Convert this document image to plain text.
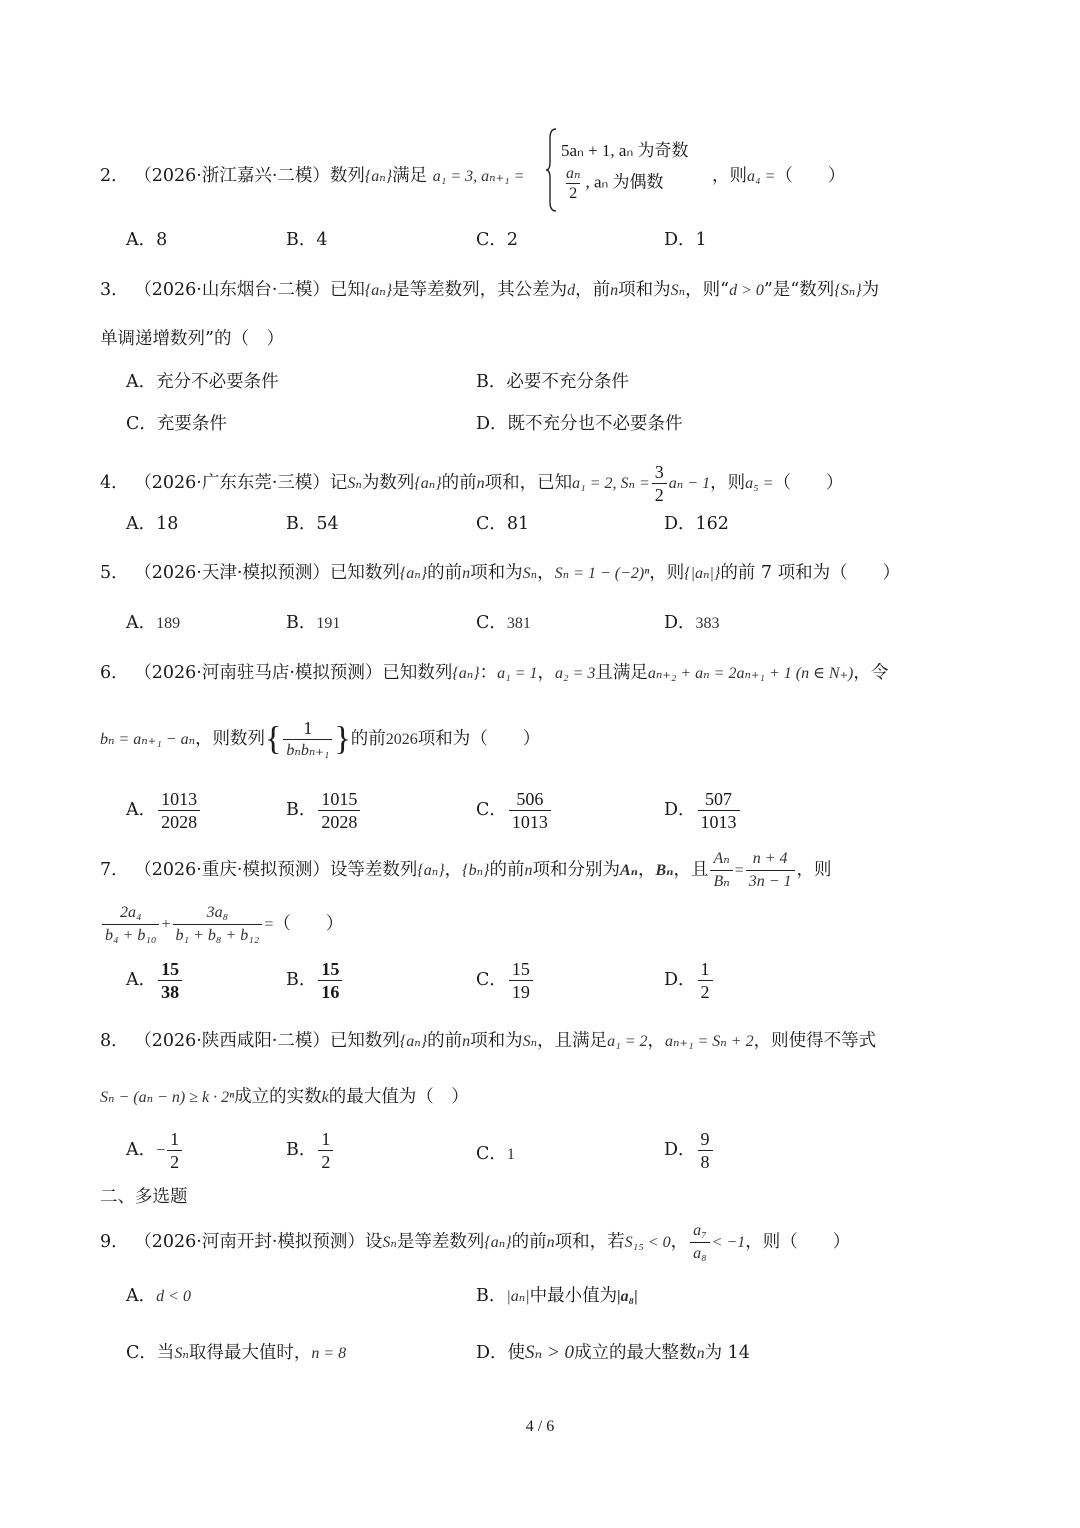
2． （2026·浙江嘉兴·二模）数列{aₙ}满足 a₁ = 3, aₙ₊₁ =
5aₙ + 1, aₙ 为奇数
$\frac{\text{aₙ}}{2}$ , aₙ 为偶数	，则a₄ =（　　）
A．8	B．4	C．2	D．1
3． （2026·山东烟台·二模）已知{aₙ}是等差数列，其公差为d，前n项和为Sₙ，则“d > 0”是“数列{Sₙ}为
单调递增数列”的（　）
A．充分不必要条件	B．必要不充分条件
C．充要条件	D．既不充分也不必要条件
4． （2026·广东东莞·三模）记Sₙ为数列{aₙ}的前n项和，已知a₁ = 2, $S_n = \frac{3}{2}$ aₙ − 1，则a₅ =（　　）
A．18	B．54	C．81	D．162
5． （2026·天津·模拟预测）已知数列{aₙ}的前n项和为Sₙ，Sₙ = 1 − (−2)ⁿ，则{|aₙ|}的前 7 项和为（　　）
A．189	B．191	C．381	D．383
6． （2026·河南驻马店·模拟预测）已知数列{aₙ}：a₁ = 1，a₂ = 3且满足aₙ₊₂ + aₙ = 2aₙ₊₁ + 1 (n ∈ N₊)，令
bₙ = aₙ₊₁ − aₙ，则数列{ $\frac{1}{\text{bₙbₙ₊₁}}$ }的前2026项和为（　　）
A． $\frac{1013}{2028}$	B． $\frac{1015}{2028}$	C． $\frac{506}{1013}$	D． $\frac{507}{1013}$
7． （2026·重庆·模拟预测）设等差数列{aₙ}，{bₙ}的前n项和分别为Aₙ，Bₙ，且 $\frac{\text{Aₙ}}{\text{Bₙ}} = \frac{n + 4}{3n - 1}$ ，则
$\frac{\text{2a₄}}{\text{b₄ + b₁₀}} + \frac{\text{3a₈}}{\text{b₁ + b₈ + b₁₂}}$ =（　　）
A． $\frac{15}{38}$	B． $\frac{15}{16}$	C． $\frac{15}{19}$	D． $\frac{1}{2}$
8． （2026·陕西咸阳·二模）已知数列{aₙ}的前n项和为Sₙ，且满足a₁ = 2，aₙ₊₁ = Sₙ + 2，则使得不等式
Sₙ − (aₙ − n) ≥ k · 2ⁿ成立的实数k的最大值为（　）
A．− $\frac{1}{2}$	B． $\frac{1}{2}$	C．1	D． $\frac{9}{8}$
二、多选题
9． （2026·河南开封·模拟预测）设Sₙ是等差数列{aₙ}的前n项和，若S₁₅ < 0， $\frac{\text{a₇}}{\text{a₈}} < -1$，则（　　）
A．d < 0	B．|aₙ|中最小值为|a₈|
C．当Sₙ取得最大值时，n = 8	D．使Sₙ > 0成立的最大整数n为 14
4 / 6
